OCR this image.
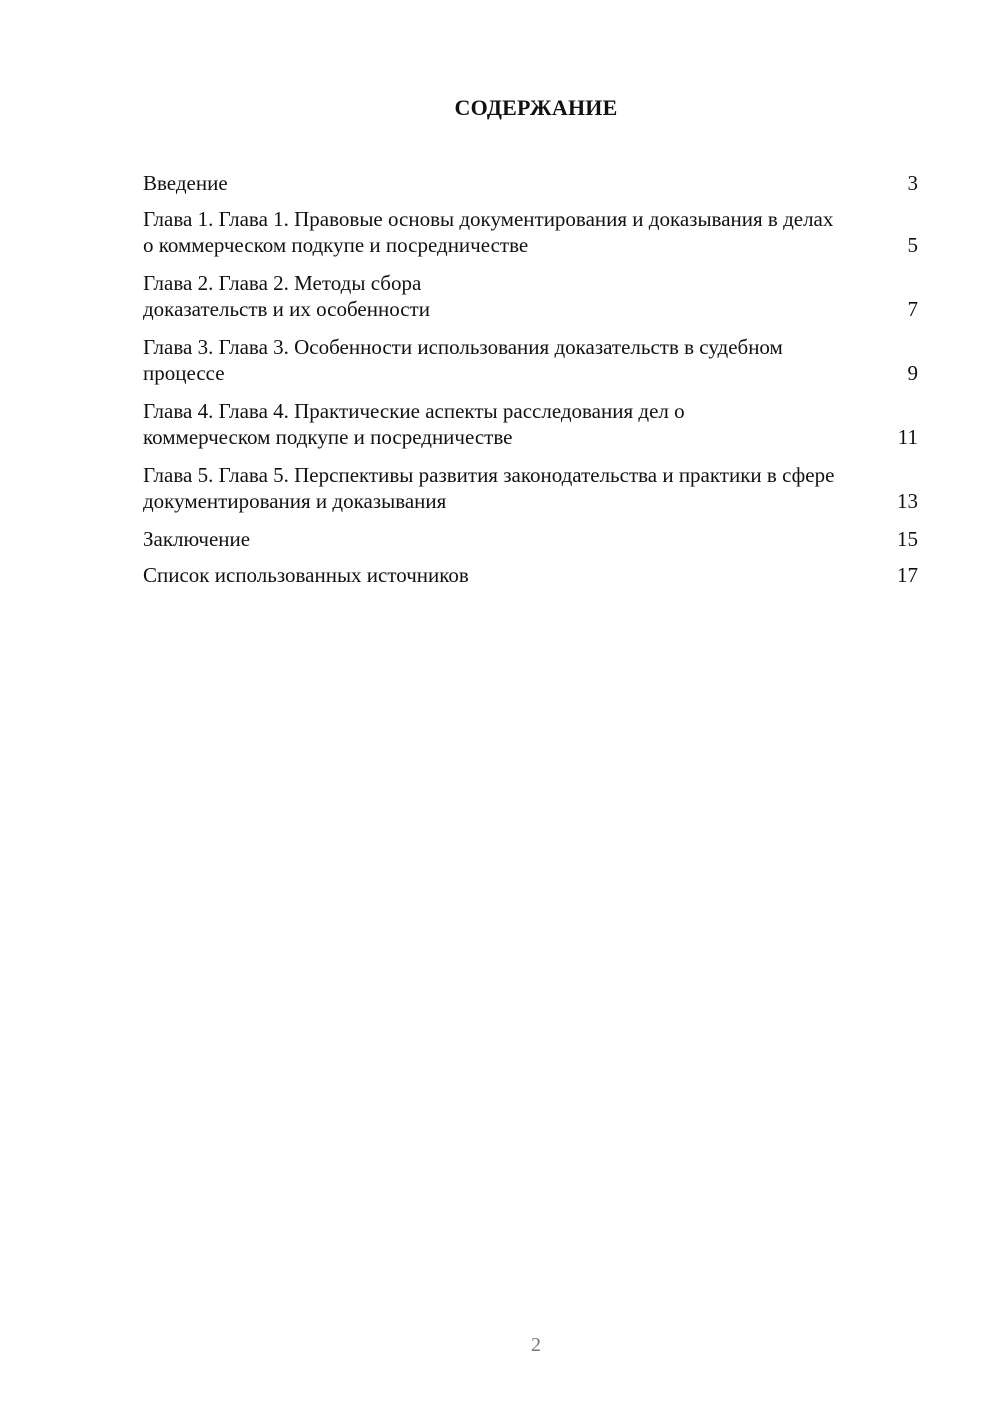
СОДЕРЖАНИЕ
Введение	3
Глава 1. Глава 1. Правовые основы документирования и доказывания в делах о коммерческом подкупе и посредничестве	5
Глава 2. Глава 2. Методы сбора доказательств и их особенности	7
Глава 3. Глава 3. Особенности использования доказательств в судебном процессе	9
Глава 4. Глава 4. Практические аспекты расследования дел о коммерческом подкупе и посредничестве	11
Глава 5. Глава 5. Перспективы развития законодательства и практики в сфере документирования и доказывания	13
Заключение	15
Список использованных источников	17
2
